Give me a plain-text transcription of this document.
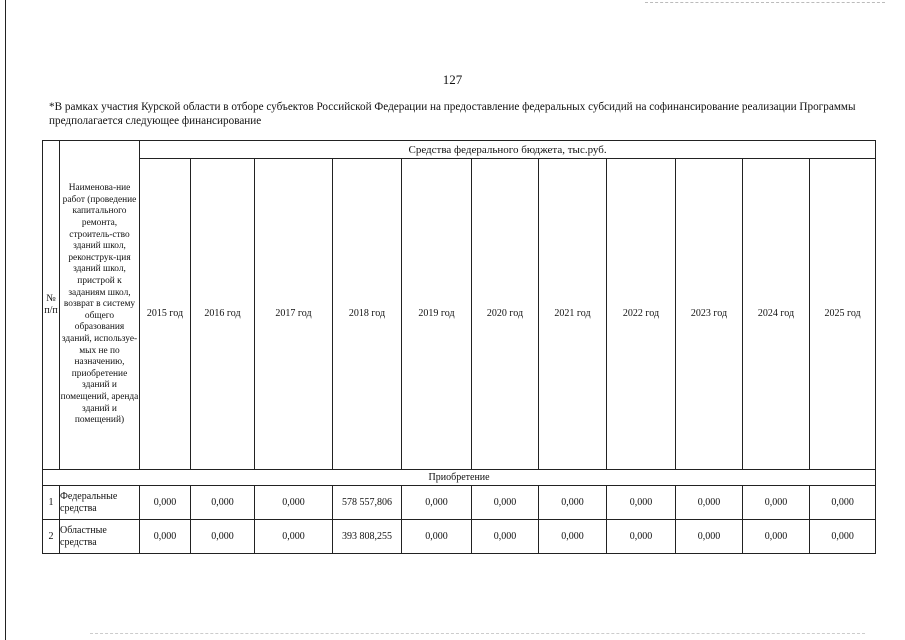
127
*В рамках участия Курской области в отборе субъектов Российской Федерации на предоставление федеральных субсидий на софинансирование реализации Программы предполагается следующее финансирование
№ п/п	Наименова-ние работ (проведение капитального ремонта, строитель-ство зданий школ, реконструк-ция зданий школ, пристрой к заданиям школ, возврат в систему общего образования зданий, используе-мых не по назначению, приобретение зданий и помещений, аренда зданий и помещений)	Средства федерального бюджета, тыс.руб.										
		2015 год	2016 год	2017 год	2018 год	2019 год	2020 год	2021 год	2022 год	2023 год	2024 год	2025 год
Приобретение												
1	Федеральные средства	0,000	0,000	0,000	578 557,806	0,000	0,000	0,000	0,000	0,000	0,000	0,000
2	Областные средства	0,000	0,000	0,000	393 808,255	0,000	0,000	0,000	0,000	0,000	0,000	0,000
